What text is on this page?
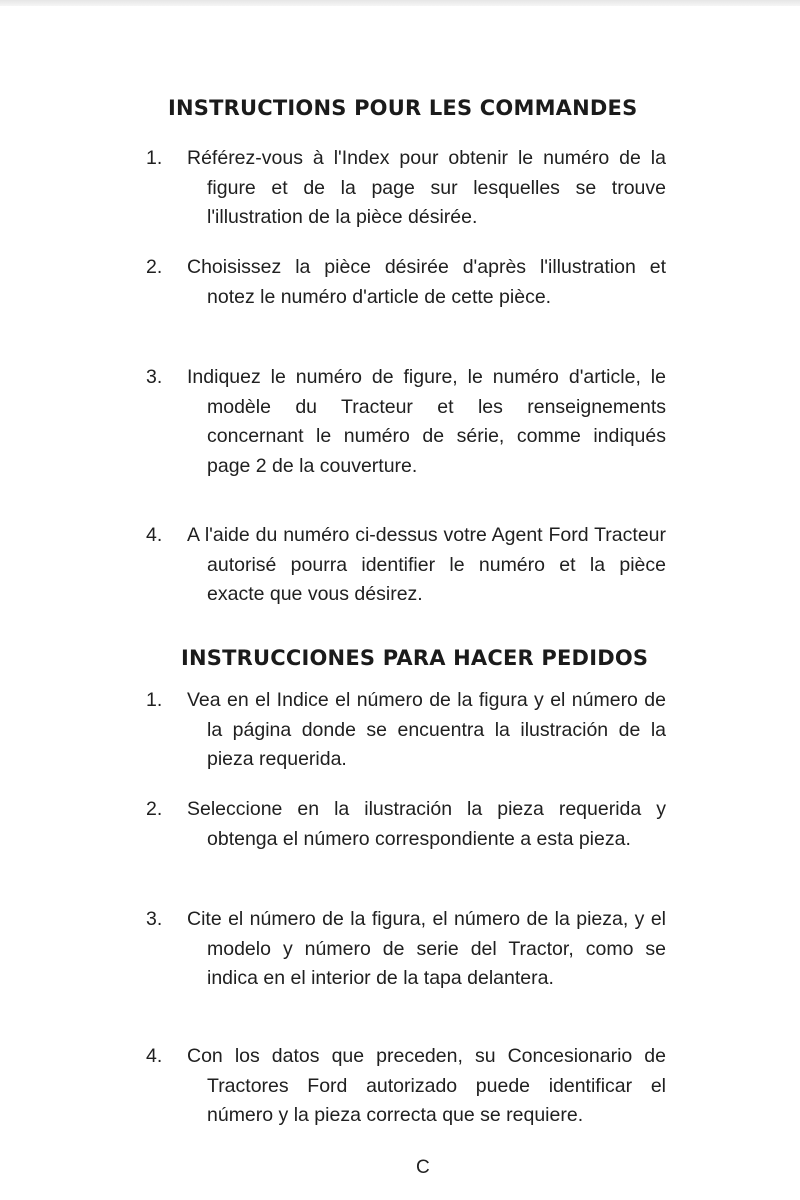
INSTRUCTIONS POUR LES COMMANDES
1.	Référez-vous à l'Index pour obtenir le numéro de la figure et de la page sur lesquelles se trouve l'illustration de la pièce désirée.
2.	Choisissez la pièce désirée d'après l'illustration et notez le numéro d'article de cette pièce.
3.	Indiquez le numéro de figure, le numéro d'article, le modèle du Tracteur et les renseignements concernant le numéro de série, comme indiqués page 2 de la couverture.
4.	A l'aide du numéro ci-dessus votre Agent Ford Tracteur autorisé pourra identifier le numéro et la pièce exacte que vous désirez.
INSTRUCCIONES PARA HACER PEDIDOS
1.	Vea en el Indice el número de la figura y el número de la página donde se encuentra la ilustración de la pieza requerida.
2.	Seleccione en la ilustración la pieza requerida y obtenga el número correspondiente a esta pieza.
3.	Cite el número de la figura, el número de la pieza, y el modelo y número de serie del Tractor, como se indica en el interior de la tapa delantera.
4.	Con los datos que preceden, su Concesionario de Tractores Ford autorizado puede identificar el número y la pieza correcta que se requiere.
C
